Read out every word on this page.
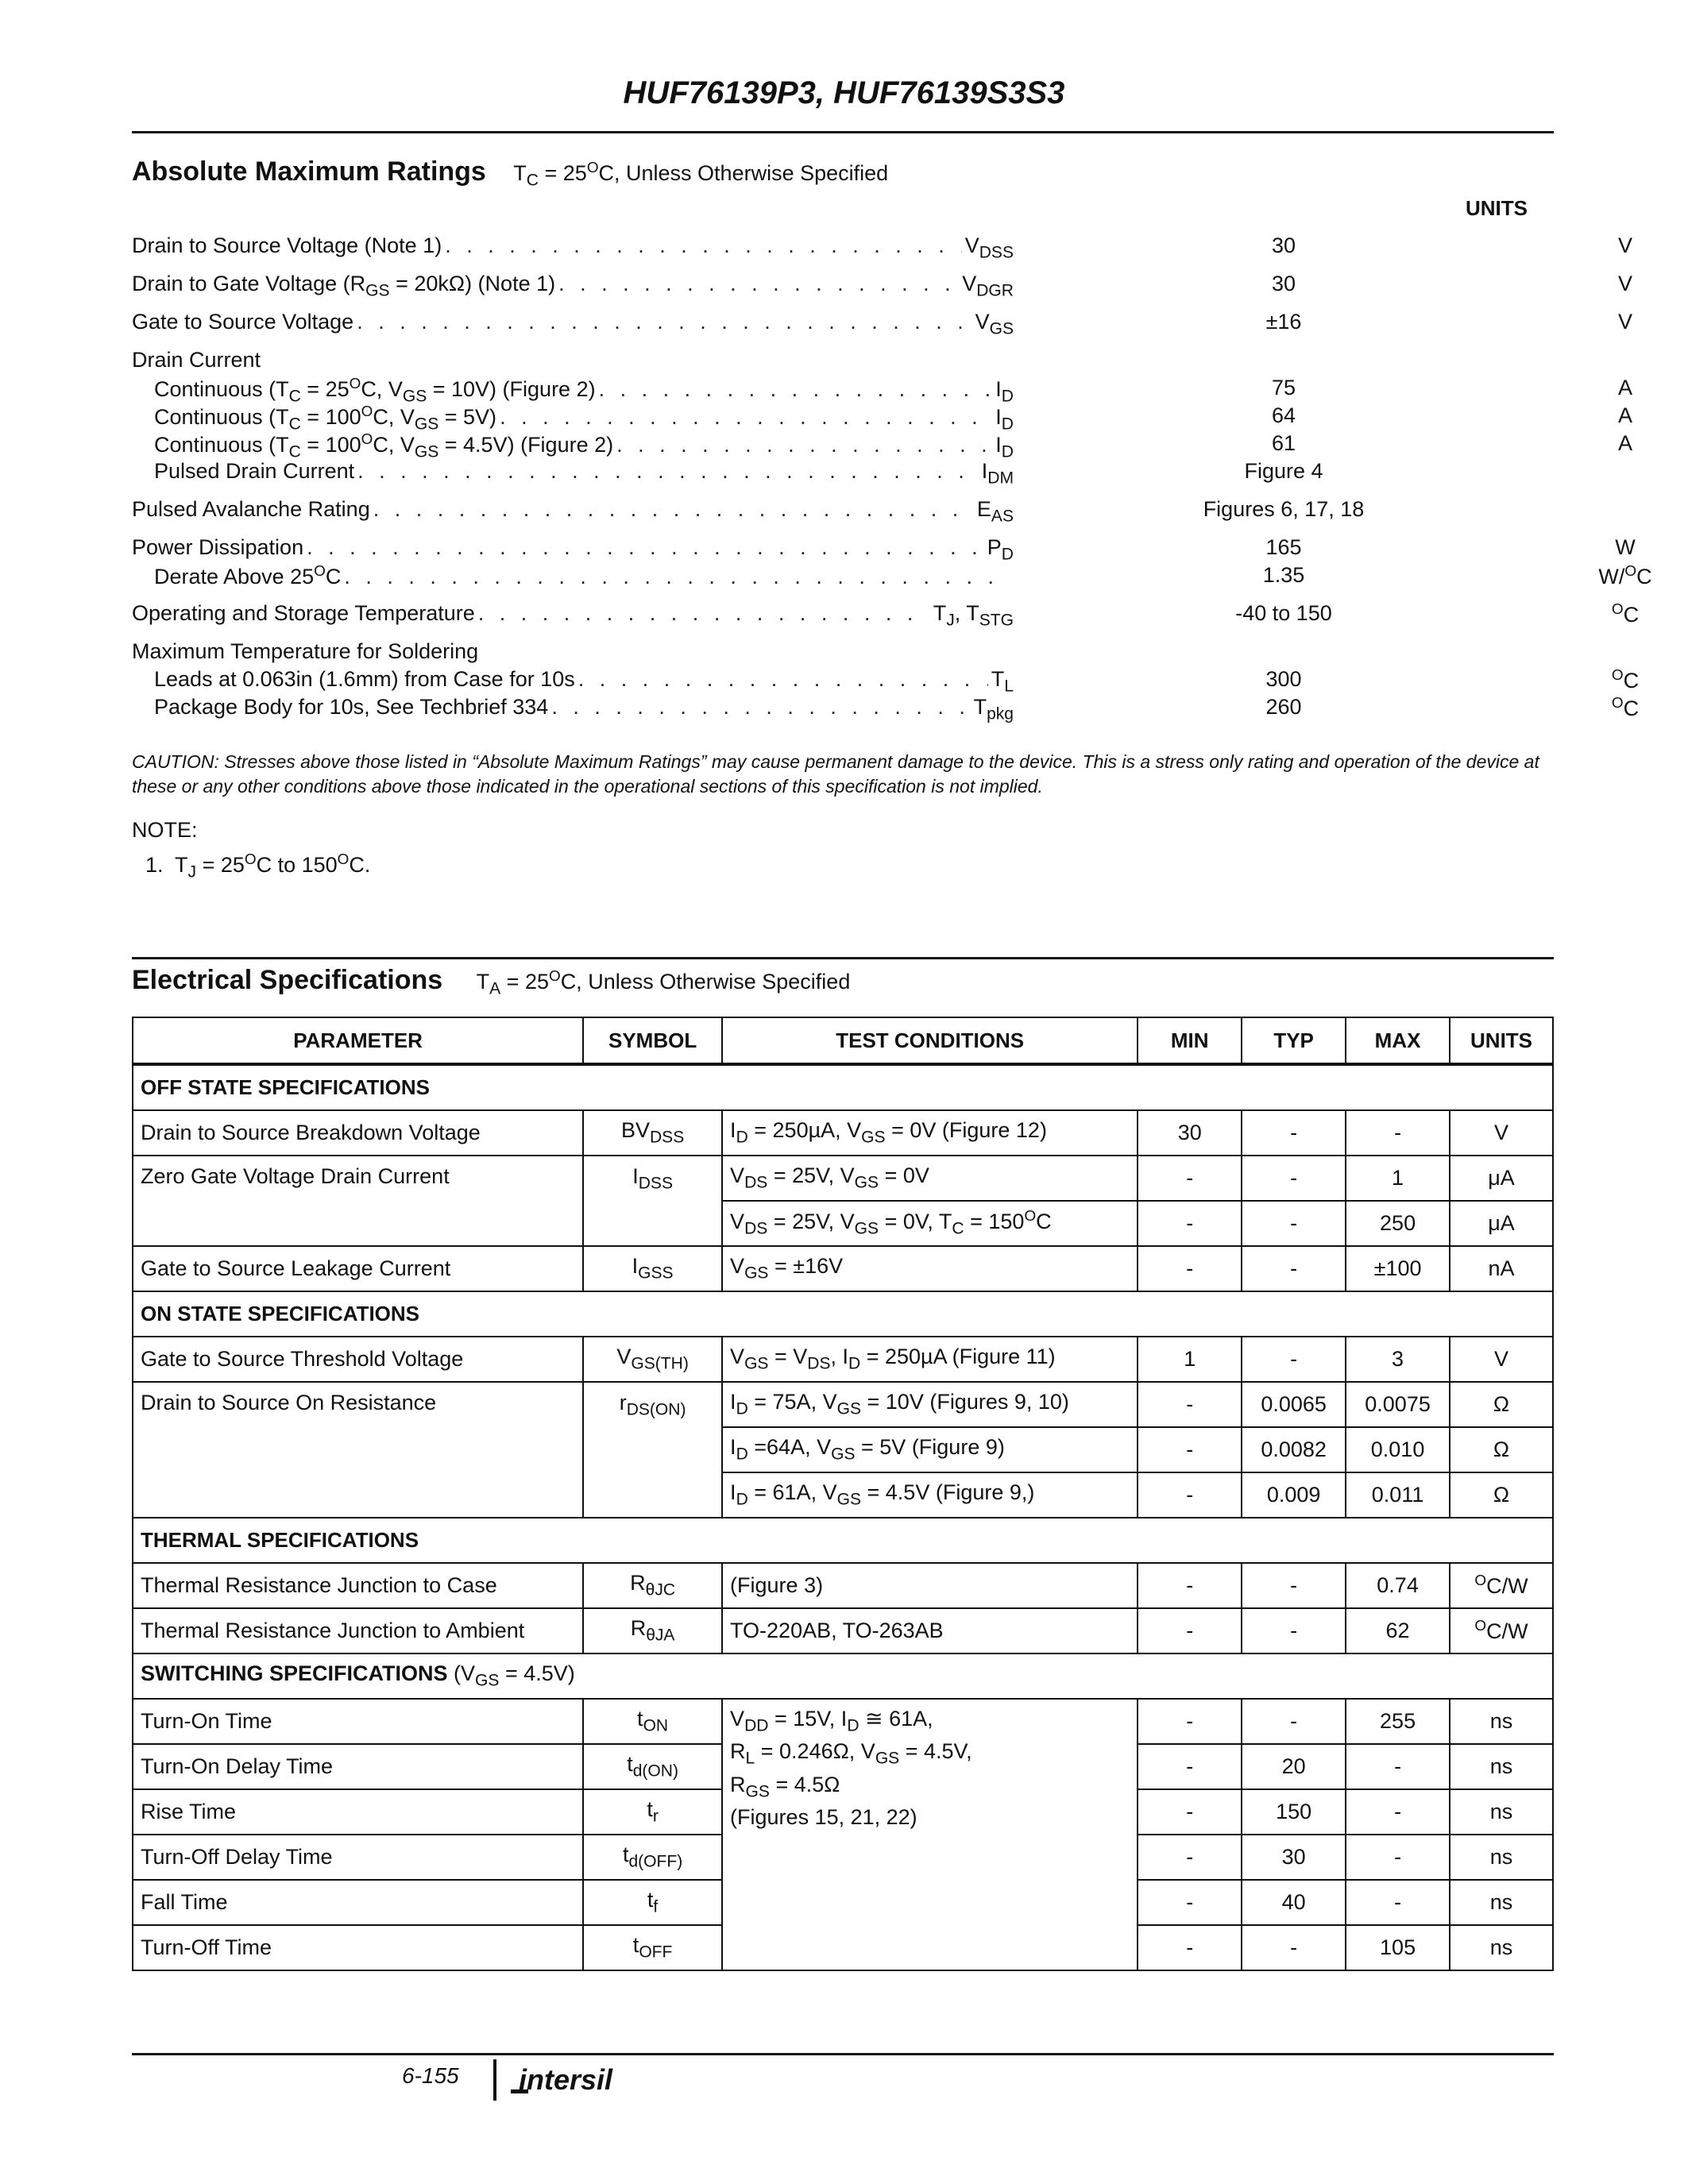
HUF76139P3, HUF76139S3S3
Absolute Maximum Ratings $T_C = 25^OC$, Unless Otherwise Specified
UNITS
Drain to Source Voltage (Note 1) . . .	$V_{DSS}$	30	V
Drain to Gate Voltage $(R_{GS} = 20k\Omega)$ (Note 1) . . .	$V_{DGR}$	30	V
Gate to Source Voltage . . .	$V_{GS}$	±16	V
Drain Current
Continuous ($T_C = 25^OC$, $V_{GS} = 10V$) (Figure 2) . . .	$I_D$	75	A
Continuous ($T_C = 100^OC$, $V_{GS} = 5V$) . . .	$I_D$	64	A
Continuous ($T_C = 100^OC$, $V_{GS} = 4.5V$) (Figure 2) . . .	$I_D$	61	A
Pulsed Drain Current . . .	$I_{DM}$	Figure 4
Pulsed Avalanche Rating . . .	$E_{AS}$	Figures 6, 17, 18
Power Dissipation . . .	$P_D$	165	W
Derate Above $25^OC$ . . .	1.35	W/$^O$C
Operating and Storage Temperature . . .	$T_J$, $T_{STG}$	-40 to 150	$^O$C
Maximum Temperature for Soldering
Leads at 0.063in (1.6mm) from Case for 10s . . .	$T_L$	300	$^O$C
Package Body for 10s, See Techbrief 334 . . .	$T_{pkg}$	260	$^O$C
CAUTION: Stresses above those listed in “Absolute Maximum Ratings” may cause permanent damage to the device. This is a stress only rating and operation of the device at these or any other conditions above those indicated in the operational sections of this specification is not implied.
NOTE:
1.  $T_J = 25^OC$ to $150^OC$.
Electrical Specifications $T_A = 25^OC$, Unless Otherwise Specified
PARAMETER	SYMBOL	TEST CONDITIONS	MIN	TYP	MAX	UNITS
OFF STATE SPECIFICATIONS						
Drain to Source Breakdown Voltage	$BV_{DSS}$	$I_D = 250\mu A$, $V_{GS} = 0V$ (Figure 12)	30	-	-	V
Zero Gate Voltage Drain Current	$I_{DSS}$	$V_{DS} = 25V$, $V_{GS} = 0V$	-	-	1	μA
		$V_{DS} = 25V$, $V_{GS} = 0V$, $T_C = 150^OC$	-	-	250	μA
Gate to Source Leakage Current	$I_{GSS}$	$V_{GS} = \pm 16V$	-	-	±100	nA
ON STATE SPECIFICATIONS						
Gate to Source Threshold Voltage	$V_{GS(TH)}$	$V_{GS} = V_{DS}$, $I_D = 250\mu A$ (Figure 11)	1	-	3	V
Drain to Source On Resistance	$r_{DS(ON)}$	$I_D = 75A$, $V_{GS} = 10V$ (Figures 9, 10)	-	0.0065	0.0075	Ω
		$I_D =64A$, $V_{GS} = 5V$ (Figure 9)	-	0.0082	0.010	Ω
		$I_D = 61A$, $V_{GS} = 4.5V$ (Figure 9,)	-	0.009	0.011	Ω
THERMAL SPECIFICATIONS						
Thermal Resistance Junction to Case	$R_{\theta JC}$	(Figure 3)	-	-	0.74	$^O$C/W
Thermal Resistance Junction to Ambient	$R_{\theta JA}$	TO-220AB, TO-263AB	-	-	62	$^O$C/W
SWITCHING SPECIFICATIONS $(V_{GS} = 4.5V)$						
Turn-On Time	$t_{ON}$	$V_{DD} = 15V$, $I_D$ ≅ 61A,
$R_L = 0.246\Omega$, $V_{GS} = 4.5V$,
$R_{GS} = 4.5\Omega$
(Figures 15, 21, 22)	-	-	255	ns
Turn-On Delay Time	$t_{d(ON)}$		-	20	-	ns
Rise Time	$t_r$		-	150	-	ns
Turn-Off Delay Time	$t_{d(OFF)}$		-	30	-	ns
Fall Time	$t_f$		-	40	-	ns
Turn-Off Time	$t_{OFF}$		-	-	105	ns
6-155 intersil
